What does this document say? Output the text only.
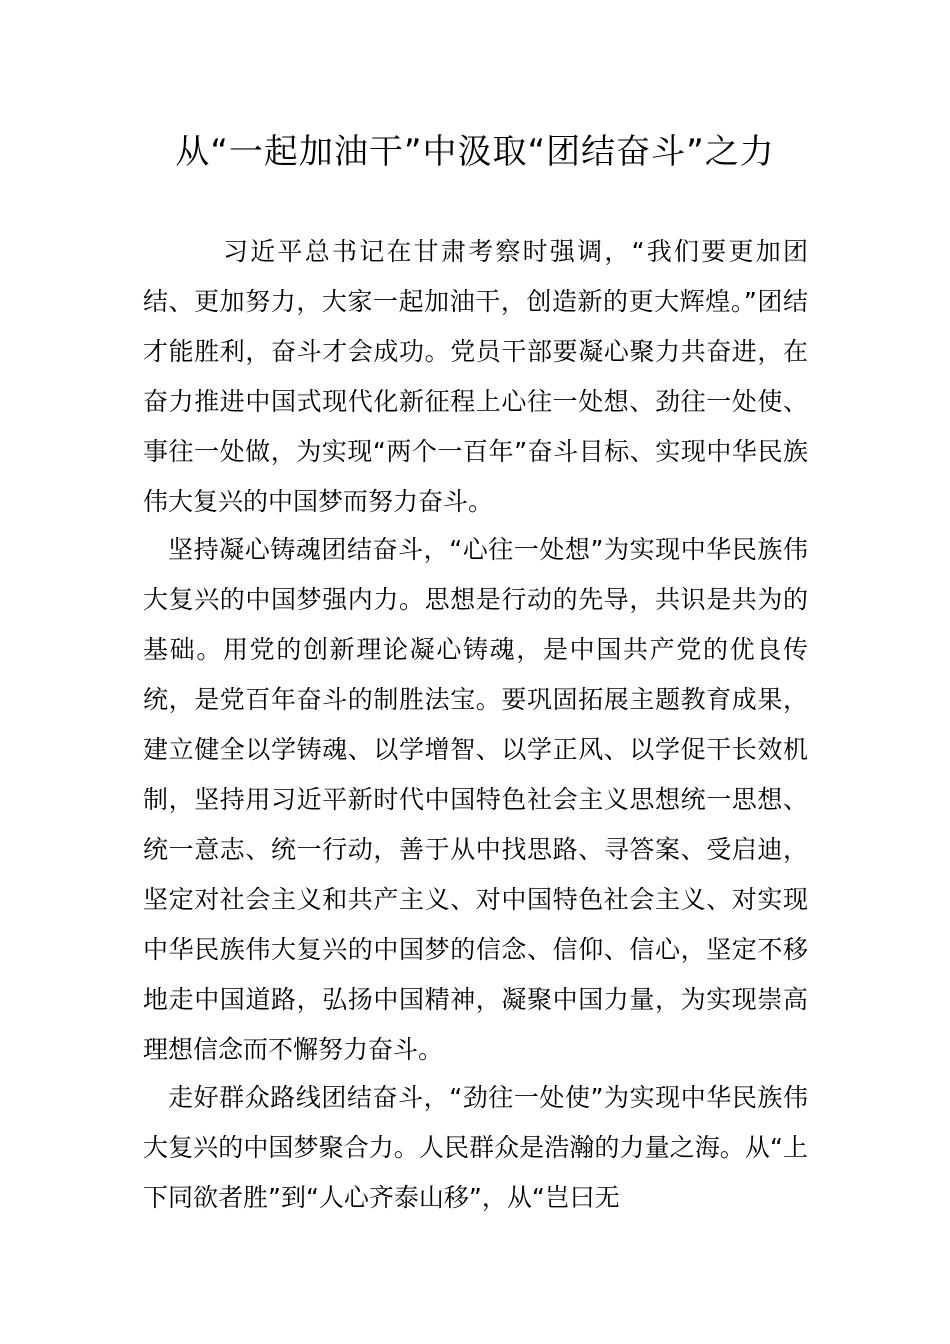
从“一起加油干”中汲取“团结奋斗”之力

习近平总书记在甘肃考察时强调，“我们要更加团结、更加努力，大家一起加油干，创造新的更大辉煌。”团结才能胜利，奋斗才会成功。党员干部要凝心聚力共奋进，在奋力推进中国式现代化新征程上心往一处想、劲往一处使、事往一处做，为实现“两个一百年”奋斗目标、实现中华民族伟大复兴的中国梦而努力奋斗。

坚持凝心铸魂团结奋斗，“心往一处想”为实现中华民族伟大复兴的中国梦强内力。思想是行动的先导，共识是共为的基础。用党的创新理论凝心铸魂，是中国共产党的优良传统，是党百年奋斗的制胜法宝。要巩固拓展主题教育成果，建立健全以学铸魂、以学增智、以学正风、以学促干长效机制，坚持用习近平新时代中国特色社会主义思想统一思想、统一意志、统一行动，善于从中找思路、寻答案、受启迪，坚定对社会主义和共产主义、对中国特色社会主义、对实现中华民族伟大复兴的中国梦的信念、信仰、信心，坚定不移地走中国道路，弘扬中国精神，凝聚中国力量，为实现崇高理想信念而不懈努力奋斗。

走好群众路线团结奋斗，“劲往一处使”为实现中华民族伟大复兴的中国梦聚合力。人民群众是浩瀚的力量之海。从“上下同欲者胜”到“人心齐泰山移”，从“岂曰无
